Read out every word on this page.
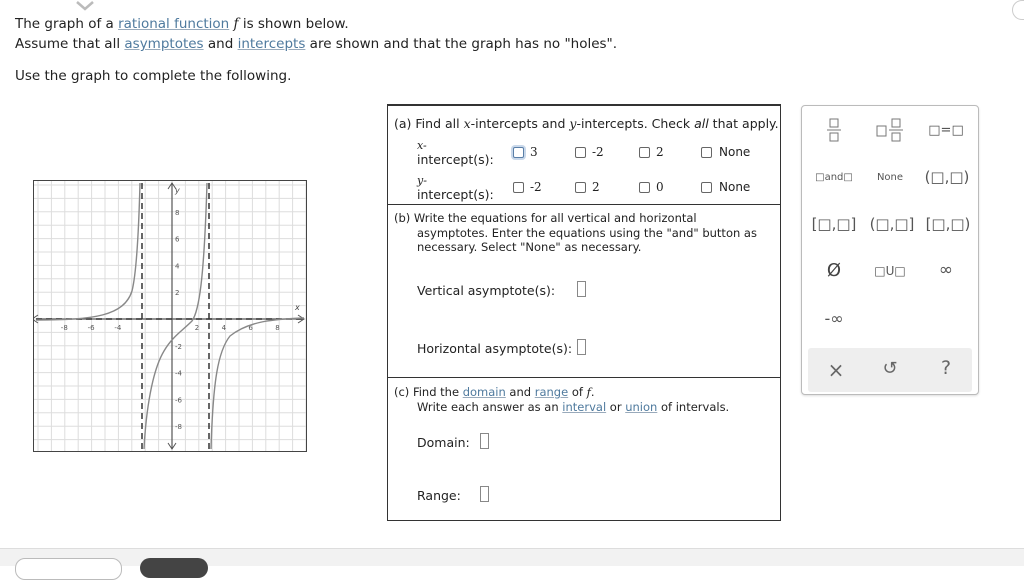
The graph of a rational function f is shown below.
Assume that all asymptotes and intercepts are shown and that the graph has no "holes".
Use the graph to complete the following.
-8	-6	-4	2	4	6	8
8
6
4
2
-2
-4
-6
-8
x
y
(a) Find all x-intercepts and y-intercepts. Check all that apply.
x-
intercept(s):	3	-2	2	None
y-
intercept(s):	-2	2	0	None
(b) Write the equations for all vertical and horizontal
asymptotes. Enter the equations using the "and" button as
necessary. Select "None" as necessary.
Vertical asymptote(s):
Horizontal asymptote(s):
(c) Find the domain and range of f.
Write each answer as an interval or union of intervals.
Domain:
Range:
□=□
□and□	None	(□,□)
[□,□] (□,□] [□,□)
Ø	□U□	∞
-∞
× ↺	?
